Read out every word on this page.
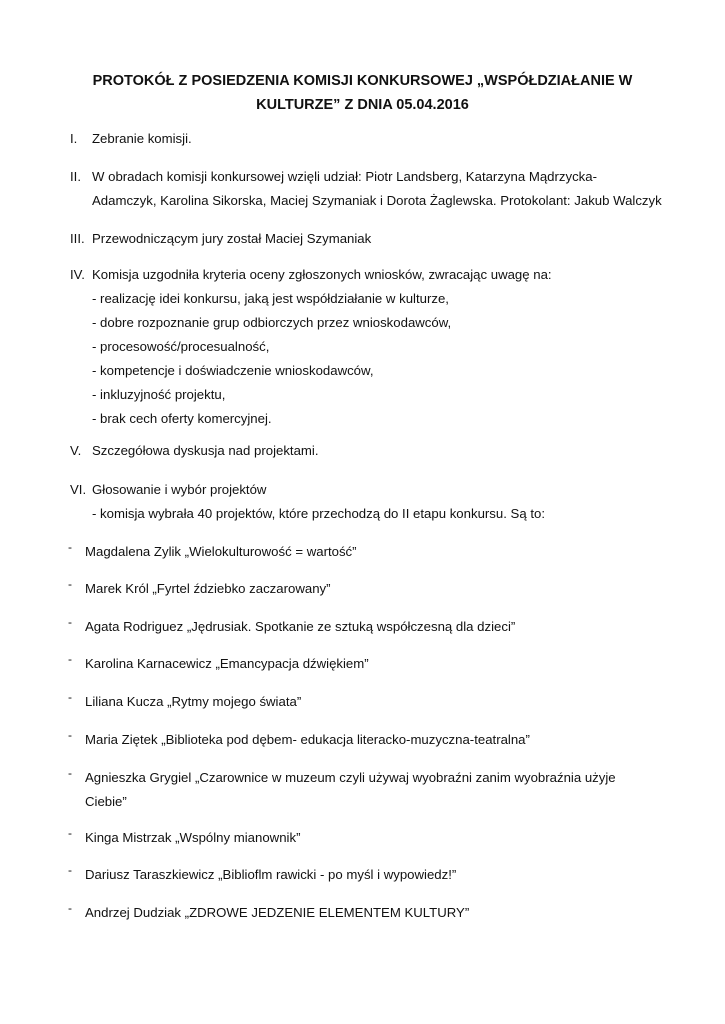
PROTOKÓŁ Z POSIEDZENIA KOMISJI KONKURSOWEJ „WSPÓŁDZIAŁANIE W
KULTURZE” Z DNIA 05.04.2016
I.	Zebranie komisji.
II. W obradach komisji konkursowej wzięli udział: Piotr Landsberg, Katarzyna Mądrzycka-
Adamczyk, Karolina Sikorska, Maciej Szymaniak i Dorota Żaglewska. Protokolant: Jakub Walczyk
III. Przewodniczącym jury został Maciej Szymaniak
IV. Komisja uzgodniła kryteria oceny zgłoszonych wniosków, zwracając uwagę na:
- realizację idei konkursu, jaką jest współdziałanie w kulturze,
- dobre rozpoznanie grup odbiorczych przez wnioskodawców,
- procesowość/procesualność,
- kompetencje i doświadczenie wnioskodawców,
- inkluzyjność projektu,
- brak cech oferty komercyjnej.
V. Szczegółowa dyskusja nad projektami.
VI. Głosowanie i wybór projektów
- komisja wybrała 40 projektów, które przechodzą do II etapu konkursu. Są to:
- Magdalena Zylik „Wielokulturowość = wartość”
- Marek Król „Fyrtel ździebko zaczarowany”
- Agata Rodriguez „Jędrusiak. Spotkanie ze sztuką współczesną dla dzieci”
- Karolina Karnacewicz „Emancypacja dźwiękiem”
- Liliana Kucza „Rytmy mojego świata”
- Maria Ziętek „Biblioteka pod dębem- edukacja literacko-muzyczna-teatralna”
- Agnieszka Grygiel „Czarownice w muzeum czyli używaj wyobraźni zanim wyobraźnia użyje
Ciebie”
- Kinga Mistrzak „Wspólny mianownik”
- Dariusz Taraszkiewicz „Biblioflm rawicki - po myśl i wypowiedz!”
- Andrzej Dudziak „ZDROWE JEDZENIE ELEMENTEM KULTURY”
